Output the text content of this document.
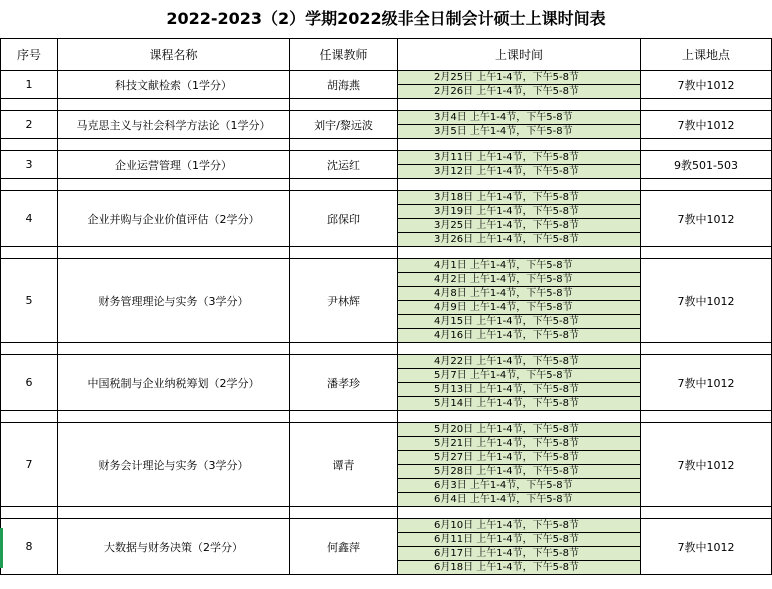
2022-2023（2）学期2022级非全日制会计硕士上课时间表
序号	课程名称	任课教师	上课时间	上课地点
1	科技文献检索（1学分）	胡海燕	2月25日 上午1-4节，下午5-8节	7教中1012
			2月26日 上午1-4节，下午5-8节	

2	马克思主义与社会科学方法论（1学分）	刘宇/黎远波	3月4日 上午1-4节，下午5-8节	7教中1012
			3月5日 上午1-4节，下午5-8节	

3	企业运营管理（1学分）	沈运红	3月11日 上午1-4节，下午5-8节	9教501-503
			3月12日 上午1-4节，下午5-8节	

4	企业并购与企业价值评估（2学分）	邱保印	3月18日 上午1-4节，下午5-8节	7教中1012
			3月19日 上午1-4节，下午5-8节	
			3月25日 上午1-4节，下午5-8节	
			3月26日 上午1-4节，下午5-8节	

5	财务管理理论与实务（3学分）	尹林辉	4月1日 上午1-4节，下午5-8节	7教中1012
			4月2日 上午1-4节，下午5-8节	
			4月8日 上午1-4节，下午5-8节	
			4月9日 上午1-4节，下午5-8节	
			4月15日 上午1-4节，下午5-8节	
			4月16日 上午1-4节，下午5-8节	

6	中国税制与企业纳税筹划（2学分）	潘孝珍	4月22日 上午1-4节，下午5-8节	7教中1012
			5月7日 上午1-4节，下午5-8节	
			5月13日 上午1-4节，下午5-8节	
			5月14日 上午1-4节，下午5-8节	

7	财务会计理论与实务（3学分）	谭青	5月20日 上午1-4节，下午5-8节	7教中1012
			5月21日 上午1-4节，下午5-8节	
			5月27日 上午1-4节，下午5-8节	
			5月28日 上午1-4节，下午5-8节	
			6月3日 上午1-4节，下午5-8节	
			6月4日 上午1-4节，下午5-8节	

8	大数据与财务决策（2学分）	何鑫萍	6月10日 上午1-4节，下午5-8节	7教中1012
			6月11日 上午1-4节，下午5-8节	
			6月17日 上午1-4节，下午5-8节	
			6月18日 上午1-4节，下午5-8节	
